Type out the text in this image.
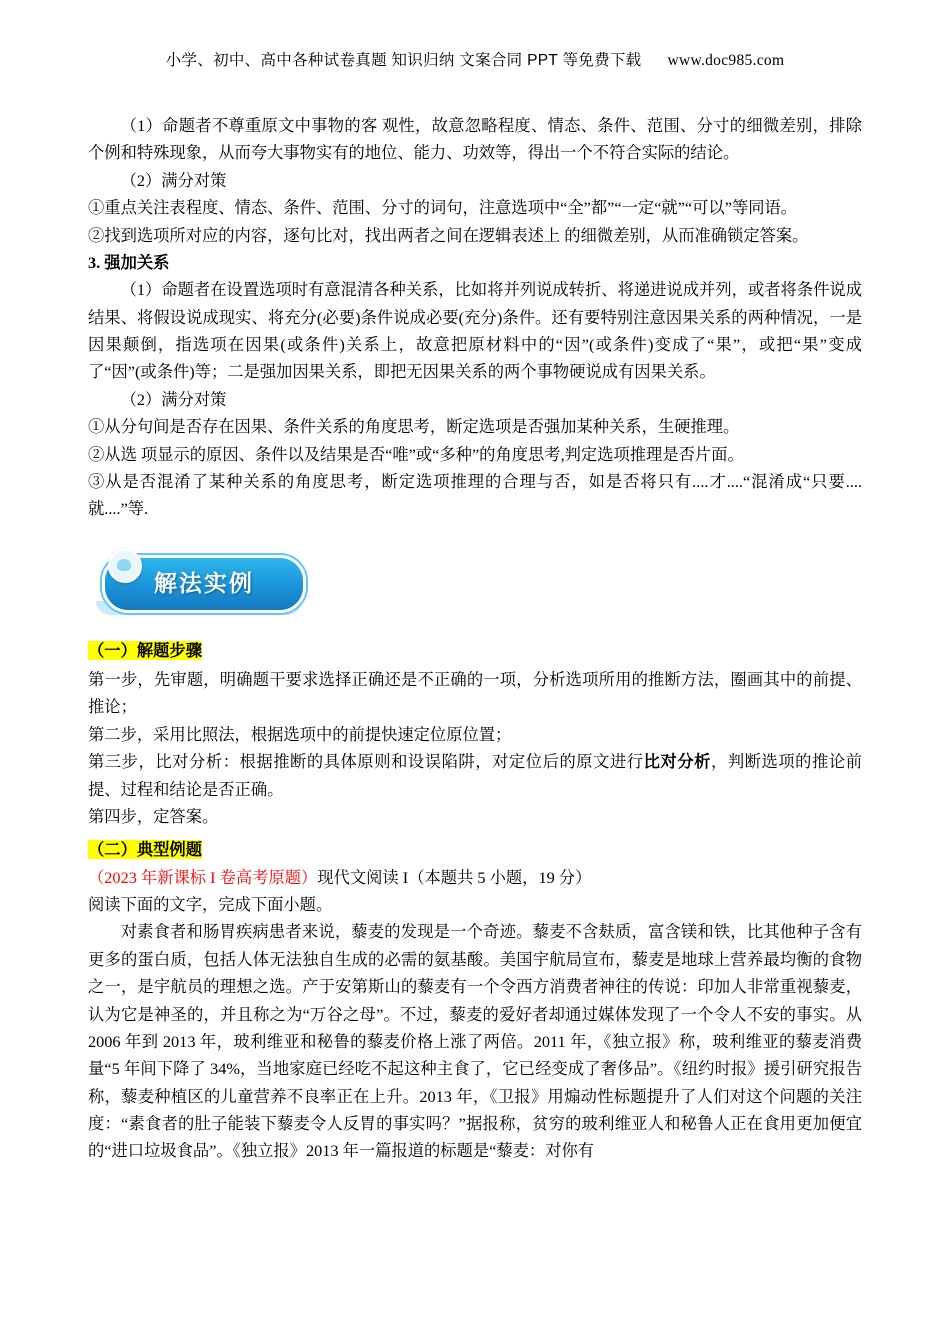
小学、初中、高中各种试卷真题 知识归纳 文案合同 PPT 等免费下载 www.doc985.com

（1）命题者不尊重原文中事物的客 观性，故意忽略程度、情态、条件、范围、分寸的细微差别，排除个例和特殊现象，从而夸大事物实有的地位、能力、功效等，得出一个不符合实际的结论。

（2）满分对策

①重点关注表程度、情态、条件、范围、分寸的词句，注意选项中“全”都”“一定“就”“可以”等同语。

②找到选项所对应的内容，逐句比对，找出两者之间在逻辑表述上 的细微差别，从而准确锁定答案。

3. 强加关系

（1）命题者在设置选项时有意混清各种关系，比如将并列说成转折、将递进说成并列，或者将条件说成结果、将假设说成现实、将充分(必要)条件说成必要(充分)条件。还有要特别注意因果关系的两种情况，一是因果颠倒，指选项在因果(或条件)关系上，故意把原材料中的“因”(或条件)变成了“果”，或把“果”变成了“因”(或条件)等；二是强加因果关系，即把无因果关系的两个事物硬说成有因果关系。

（2）满分对策

①从分句间是否存在因果、条件关系的角度思考，断定选项是否强加某种关系，生硬推理。

②从选 项显示的原因、条件以及结果是否“唯”或“多种”的角度思考,判定选项推理是否片面。

③从是否混淆了某种关系的角度思考，断定选项推理的合理与否，如是否将只有....才....“混淆成“只要....就....”等.

解法实例

（一）解题步骤

第一步，先审题，明确题干要求选择正确还是不正确的一项，分析选项所用的推断方法，圈画其中的前提、推论；

第二步，采用比照法，根据选项中的前提快速定位原位置；

第三步，比对分析：根据推断的具体原则和设误陷阱，对定位后的原文进行比对分析，判断选项的推论前提、过程和结论是否正确。

第四步，定答案。

（二）典型例题

（2023 年新课标 I 卷高考原题）现代文阅读 I（本题共 5 小题，19 分）

阅读下面的文字，完成下面小题。

对素食者和肠胃疾病患者来说，藜麦的发现是一个奇迹。藜麦不含麸质，富含镁和铁，比其他种子含有更多的蛋白质，包括人体无法独自生成的必需的氨基酸。美国宇航局宣布，藜麦是地球上营养最均衡的食物之一，是宇航员的理想之选。产于安第斯山的藜麦有一个令西方消费者神往的传说：印加人非常重视藜麦，认为它是神圣的，并且称之为“万谷之母”。不过，藜麦的爱好者却通过媒体发现了一个令人不安的事实。从 2006 年到 2013 年，玻利维亚和秘鲁的藜麦价格上涨了两倍。2011 年，《独立报》称，玻利维亚的藜麦消费量“5 年间下降了 34%，当地家庭已经吃不起这种主食了，它已经变成了奢侈品”。《纽约时报》援引研究报告称，藜麦种植区的儿童营养不良率正在上升。2013 年，《卫报》用煽动性标题提升了人们对这个问题的关注度：“素食者的肚子能装下藜麦令人反胃的事实吗？”据报称，贫穷的玻利维亚人和秘鲁人正在食用更加便宜的“进口垃圾食品”。《独立报》2013 年一篇报道的标题是“藜麦：对你有
